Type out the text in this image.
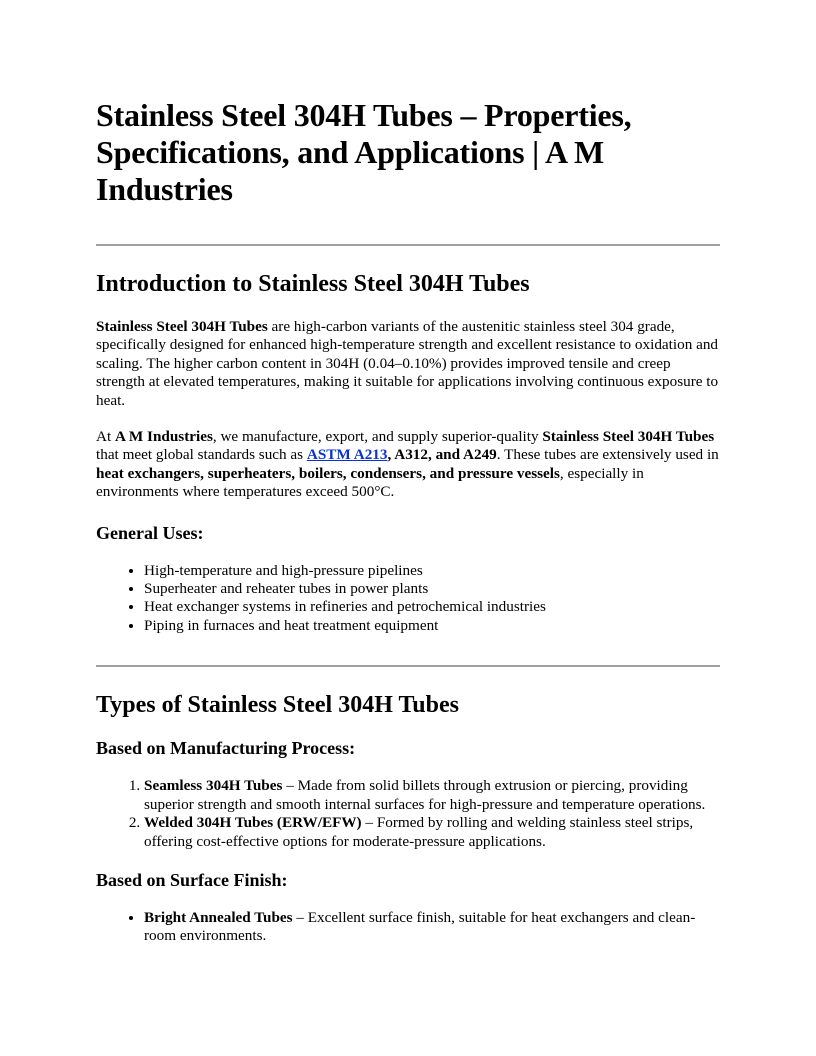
Stainless Steel 304H Tubes – Properties, Specifications, and Applications | A M Industries
Introduction to Stainless Steel 304H Tubes

Stainless Steel 304H Tubes are high-carbon variants of the austenitic stainless steel 304 grade, specifically designed for enhanced high-temperature strength and excellent resistance to oxidation and scaling. The higher carbon content in 304H (0.04–0.10%) provides improved tensile and creep strength at elevated temperatures, making it suitable for applications involving continuous exposure to heat.

At A M Industries, we manufacture, export, and supply superior-quality Stainless Steel 304H Tubes that meet global standards such as ASTM A213, A312, and A249. These tubes are extensively used in heat exchangers, superheaters, boilers, condensers, and pressure vessels, especially in environments where temperatures exceed 500°C.

General Uses:
• High-temperature and high-pressure pipelines
• Superheater and reheater tubes in power plants
• Heat exchanger systems in refineries and petrochemical industries
• Piping in furnaces and heat treatment equipment
Types of Stainless Steel 304H Tubes
Based on Manufacturing Process:
1. Seamless 304H Tubes – Made from solid billets through extrusion or piercing, providing superior strength and smooth internal surfaces for high-pressure and temperature operations.
2. Welded 304H Tubes (ERW/EFW) – Formed by rolling and welding stainless steel strips, offering cost-effective options for moderate-pressure applications.
Based on Surface Finish:
• Bright Annealed Tubes – Excellent surface finish, suitable for heat exchangers and clean-room environments.
